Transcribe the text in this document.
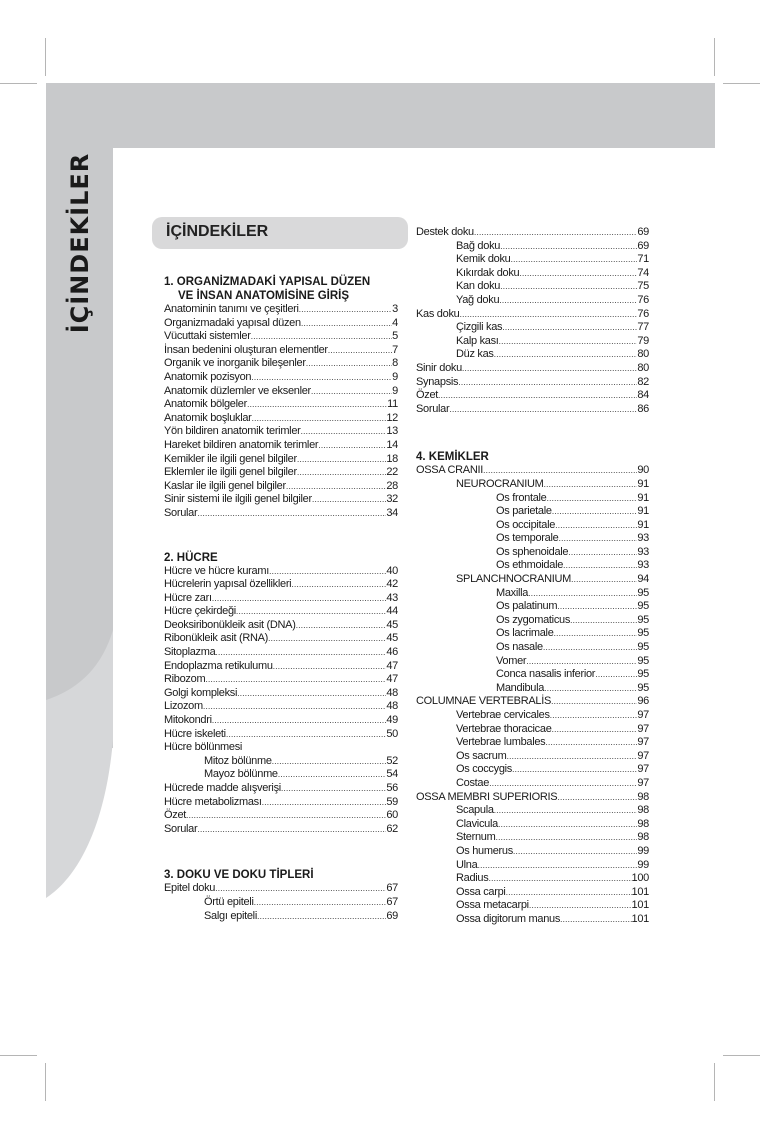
İÇİNDEKİLER	İÇİNDEKİLER
1. ORGANİZMADAKİ YAPISAL DÜZEN
VE İNSAN ANATOMİSİNE GİRİŞ
Anatominin tanımı ve çeşitleri .....	3
Organizmadaki yapısal düzen .....	4
Vücuttaki sistemler .....	5
İnsan bedenini oluşturan elementler .....	7
Organik ve inorganik bileşenler .....	8
Anatomik pozisyon .....	9
Anatomik düzlemler ve eksenler .....	9
Anatomik bölgeler .....	11
Anatomik boşluklar .....	12
Yön bildiren anatomik terimler .....	13
Hareket bildiren anatomik terimler .....	14
Kemikler ile ilgili genel bilgiler .....	18
Eklemler ile ilgili genel bilgiler .....	22
Kaslar ile ilgili genel bilgiler .....	28
Sinir sistemi ile ilgili genel bilgiler .....	32
Sorular .....	34
2. HÜCRE
Hücre ve hücre kuramı .....	40
Hücrelerin yapısal özellikleri .....	42
Hücre zarı .....	43
Hücre çekirdeği .....	44
Deoksiribonükleik asit (DNA) .....	45
Ribonükleik asit (RNA) .....	45
Sitoplazma .....	46
Endoplazma retikulumu .....	47
Ribozom .....	47
Golgi kompleksi .....	48
Lizozom .....	48
Mitokondri .....	49
Hücre iskeleti .....	50
Hücre bölünmesi
Mitoz bölünme .....	52
Mayoz bölünme .....	54
Hücrede madde alışverişi .....	56
Hücre metabolizması .....	59
Özet .....	60
Sorular .....	62
3. DOKU VE DOKU TİPLERİ
Epitel doku .....	67
Örtü epiteli .....	67
Salgı epiteli .....	69
Destek doku .....	69
Bağ doku .....	69
Kemik doku .....	71
Kıkırdak doku .....	74
Kan doku .....	75
Yağ doku .....	76
Kas doku .....	76
Çizgili kas .....	77
Kalp kası .....	79
Düz kas .....	80
Sinir doku .....	80
Synapsis .....	82
Özet .....	84
Sorular .....	86
4. KEMİKLER
OSSA CRANII .....	90
NEUROCRANIUM .....	91
Os frontale .....	91
Os parietale .....	91
Os occipitale .....	91
Os temporale .....	93
Os sphenoidale .....	93
Os ethmoidale .....	93
SPLANCHNOCRANIUM .....	94
Maxilla .....	95
Os palatinum .....	95
Os zygomaticus .....	95
Os lacrimale .....	95
Os nasale .....	95
Vomer .....	95
Conca nasalis inferior .....	95
Mandibula .....	95
COLUMNAE VERTEBRALİS .....	96
Vertebrae cervicales .....	97
Vertebrae thoracicae .....	97
Vertebrae lumbales .....	97
Os sacrum .....	97
Os coccygis .....	97
Costae .....	97
OSSA MEMBRI SUPERIORIS .....	98
Scapula .....	98
Clavicula .....	98
Sternum .....	98
Os humerus .....	99
Ulna .....	99
Radius .....	100
Ossa carpi .....	101
Ossa metacarpi .....	101
Ossa digitorum manus .....	101
